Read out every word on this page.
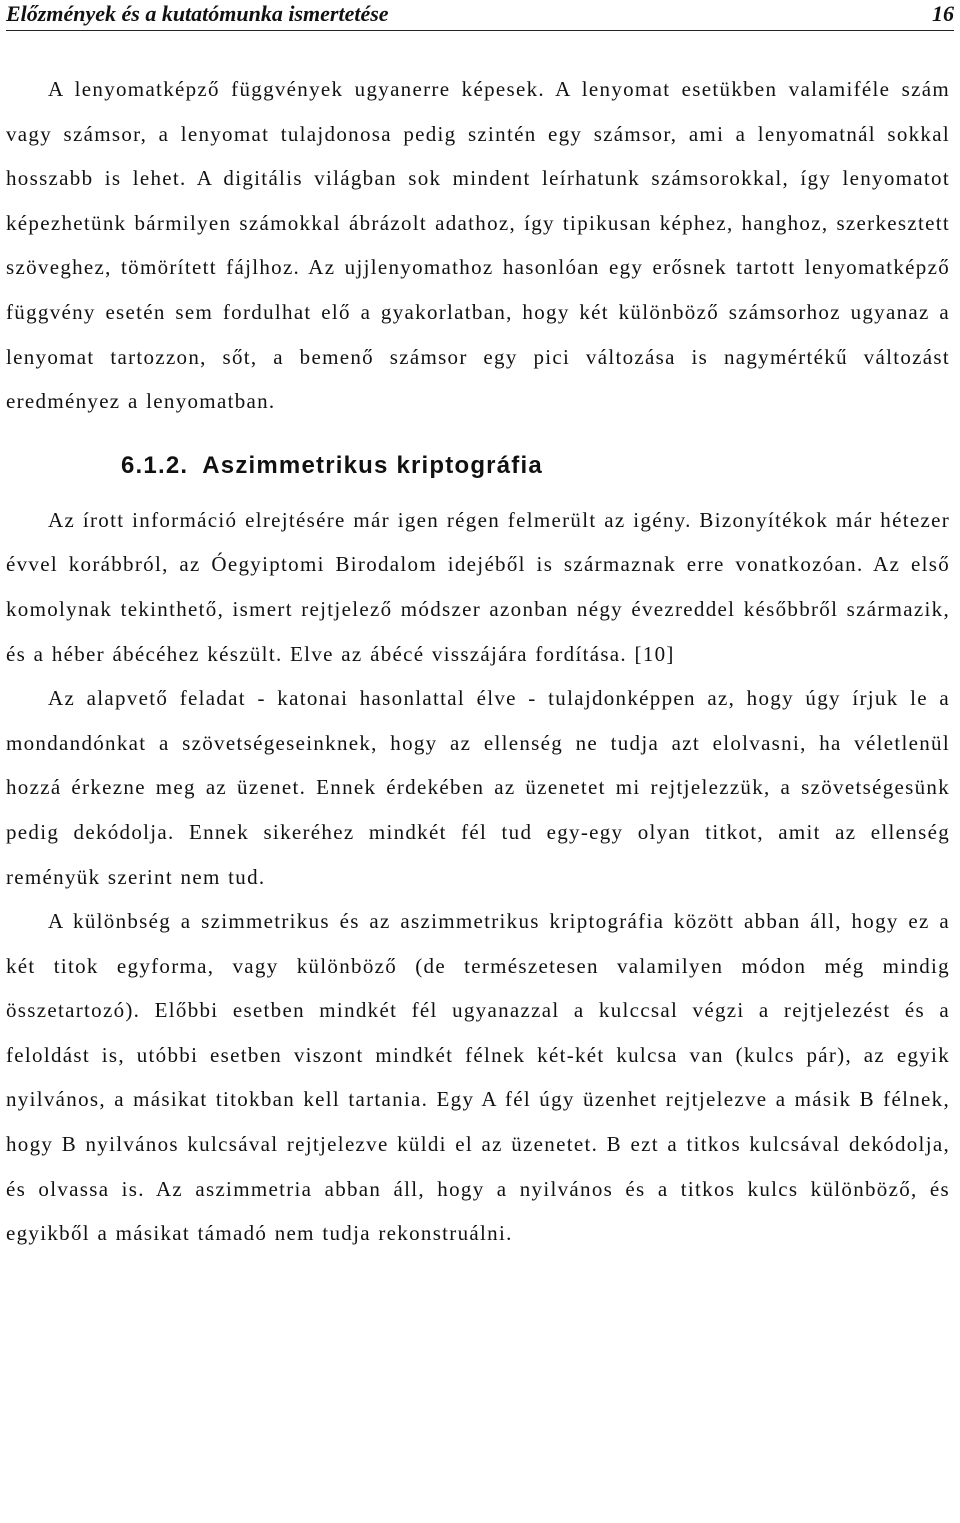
Előzmények és a kutatómunka ismertetése	16

A lenyomatképző függvények ugyanerre képesek. A lenyomat esetükben valamiféle szám vagy számsor, a lenyomat tulajdonosa pedig szintén egy számsor, ami a lenyomatnál sokkal hosszabb is lehet. A digitális világban sok mindent leírhatunk számsorokkal, így lenyomatot képezhetünk bármilyen számokkal ábrázolt adathoz, így tipikusan képhez, hanghoz, szerkesztett szöveghez, tömörített fájlhoz. Az ujjlenyomathoz hasonlóan egy erősnek tartott lenyomatképző függvény esetén sem fordulhat elő a gyakorlatban, hogy két különböző számsorhoz ugyanaz a lenyomat tartozzon, sőt, a bemenő számsor egy pici változása is nagymértékű változást eredményez a lenyomatban.

6.1.2. Aszimmetrikus kriptográfia

Az írott információ elrejtésére már igen régen felmerült az igény. Bizonyítékok már hétezer évvel korábbról, az Óegyiptomi Birodalom idejéből is származnak erre vonatkozóan. Az első komolynak tekinthető, ismert rejtjelező módszer azonban négy évezreddel későbbről származik, és a héber ábécéhez készült. Elve az ábécé visszájára fordítása. [10]

Az alapvető feladat - katonai hasonlattal élve - tulajdonképpen az, hogy úgy írjuk le a mondandónkat a szövetségeseinknek, hogy az ellenség ne tudja azt elolvasni, ha véletlenül hozzá érkezne meg az üzenet. Ennek érdekében az üzenetet mi rejtjelezzük, a szövetségesünk pedig dekódolja. Ennek sikeréhez mindkét fél tud egy-egy olyan titkot, amit az ellenség reményük szerint nem tud.

A különbség a szimmetrikus és az aszimmetrikus kriptográfia között abban áll, hogy ez a két titok egyforma, vagy különböző (de természetesen valamilyen módon még mindig összetartozó). Előbbi esetben mindkét fél ugyanazzal a kulccsal végzi a rejtjelezést és a feloldást is, utóbbi esetben viszont mindkét félnek két-két kulcsa van (kulcs pár), az egyik nyilvános, a másikat titokban kell tartania. Egy A fél úgy üzenhet rejtjelezve a másik B félnek, hogy B nyilvános kulcsával rejtjelezve küldi el az üzenetet. B ezt a titkos kulcsával dekódolja, és olvassa is. Az aszimmetria abban áll, hogy a nyilvános és a titkos kulcs különböző, és egyikből a másikat támadó nem tudja rekonstruálni.
